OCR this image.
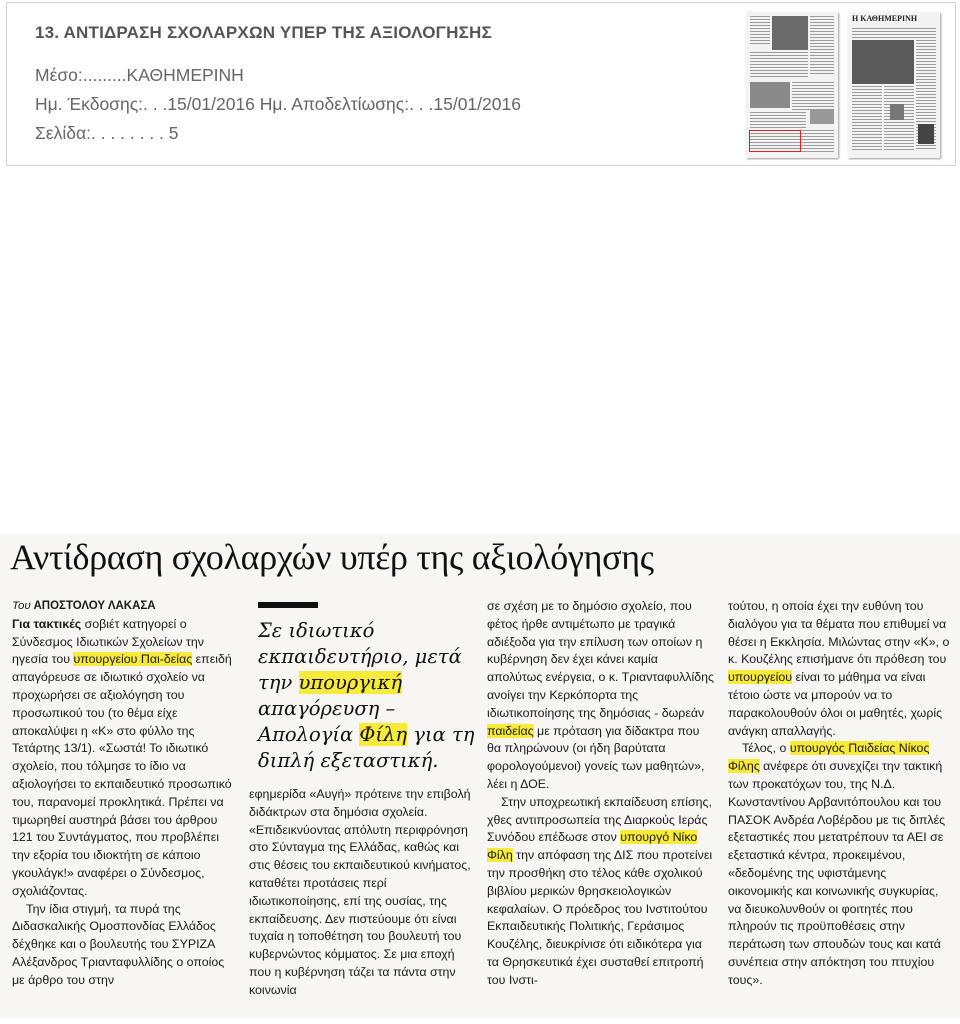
13. ΑΝΤΙΔΡΑΣΗ ΣΧΟΛΑΡΧΩΝ ΥΠΕΡ ΤΗΣ ΑΞΙΟΛΟΓΗΣΗΣ
Μέσο:.........ΚΑΘΗΜΕΡΙΝΗ
Ημ. Έκδοσης:. . .15/01/2016 Ημ. Αποδελτίωσης:. . .15/01/2016
Σελίδα:. . . . . . . . 5
Η ΚΑΘΗΜΕΡΙΝΗ
Αντίδραση σχολαρχών υπέρ της αξιολόγησης

Του ΑΠΟΣΤΟΛΟΥ ΛΑΚΑΣΑ

Για τακτικές σοβιέτ κατηγορεί ο Σύνδεσμος Ιδιωτικών Σχολείων την ηγεσία του υπουργείου Παι-δείας επειδή απαγόρευσε σε ιδιωτικό σχολείο να προχωρήσει σε αξιολόγηση του προσωπικού του (το θέμα είχε αποκαλύψει η «Κ» στο φύλλο της Τετάρτης 13/1). «Σωστά! Το ιδιωτικό σχολείο, που τόλμησε το ίδιο να αξιολογήσει το εκπαιδευτικό προσωπικό του, παρανομεί προκλητικά. Πρέπει να τιμωρηθεί αυστηρά βάσει του άρθρου 121 του Συντάγματος, που προβλέπει την εξορία του ιδιοκτήτη σε κάποιο γκουλάγκ!» αναφέρει ο Σύνδεσμος, σχολιάζοντας.

Την ίδια στιγμή, τα πυρά της Διδασκαλικής Ομοσπονδίας Ελλάδος δέχθηκε και ο βουλευτής του ΣΥΡΙΖΑ Αλέξανδρος Τριανταφυλλίδης ο οποίος με άρθρο του στην

Σε ιδιωτικό εκπαιδευτήριο, μετά την υπουργική απαγόρευση –Απολογία Φίλη για τη διπλή εξεταστική.

εφημερίδα «Αυγή» πρότεινε την επιβολή διδάκτρων στα δημόσια σχολεία. «Επιδεικνύοντας απόλυτη περιφρόνηση στο Σύνταγμα της Ελλάδας, καθώς και στις θέσεις του εκπαιδευτικού κινήματος, καταθέτει προτάσεις περί ιδιωτικοποίησης, επί της ουσίας, της εκπαίδευσης. Δεν πιστεύουμε ότι είναι τυχαία η τοποθέτηση του βουλευτή του κυβερνώντος κόμματος. Σε μια εποχή που η κυβέρνηση τάζει τα πάντα στην κοινωνία

σε σχέση με το δημόσιο σχολείο, που φέτος ήρθε αντιμέτωπο με τραγικά αδιέξοδα για την επίλυση των οποίων η κυβέρνηση δεν έχει κάνει καμία απολύτως ενέργεια, ο κ. Τριανταφυλλίδης ανοίγει την Κερκόπορτα της ιδιωτικοποίησης της δημόσιας - δωρεάν παιδείας με πρόταση για δίδακτρα που θα πληρώνουν (οι ήδη βαρύτατα φορολογούμενοι) γονείς των μαθητών», λέει η ΔΟΕ.

Στην υποχρεωτική εκπαίδευση επίσης, χθες αντιπροσωπεία της Διαρκούς Ιεράς Συνόδου επέδωσε στον υπουργό Νίκο Φίλη την απόφαση της ΔΙΣ που προτείνει την προσθήκη στο τέλος κάθε σχολικού βιβλίου μερικών θρησκειολογικών κεφαλαίων. Ο πρόεδρος του Ινστιτούτου Εκπαιδευτικής Πολιτικής, Γεράσιμος Κουζέλης, διευκρίνισε ότι ειδικότερα για τα Θρησκευτικά έχει συσταθεί επιτροπή του Ινστι-

τούτου, η οποία έχει την ευθύνη του διαλόγου για τα θέματα που επιθυμεί να θέσει η Εκκλησία. Μιλώντας στην «Κ», ο κ. Κουζέλης επισήμανε ότι πρόθεση του υπουργείου είναι το μάθημα να είναι τέτοιο ώστε να μπορούν να το παρακολουθούν όλοι οι μαθητές, χωρίς ανάγκη απαλλαγής.

Τέλος, ο υπουργός Παιδείας Νίκος Φίλης ανέφερε ότι συνεχίζει την τακτική των προκατόχων του, της Ν.Δ. Κωνσταντίνου Αρβανιτόπουλου και του ΠΑΣΟΚ Ανδρέα Λοβέρδου με τις διπλές εξεταστικές που μετατρέπουν τα ΑΕΙ σε εξεταστικά κέντρα, προκειμένου, «δεδομένης της υφιστάμενης οικονομικής και κοινωνικής συγκυρίας, να διευκολυνθούν οι φοιτητές που πληρούν τις προϋποθέσεις στην περάτωση των σπουδών τους και κατά συνέπεια στην απόκτηση του πτυχίου τους».
